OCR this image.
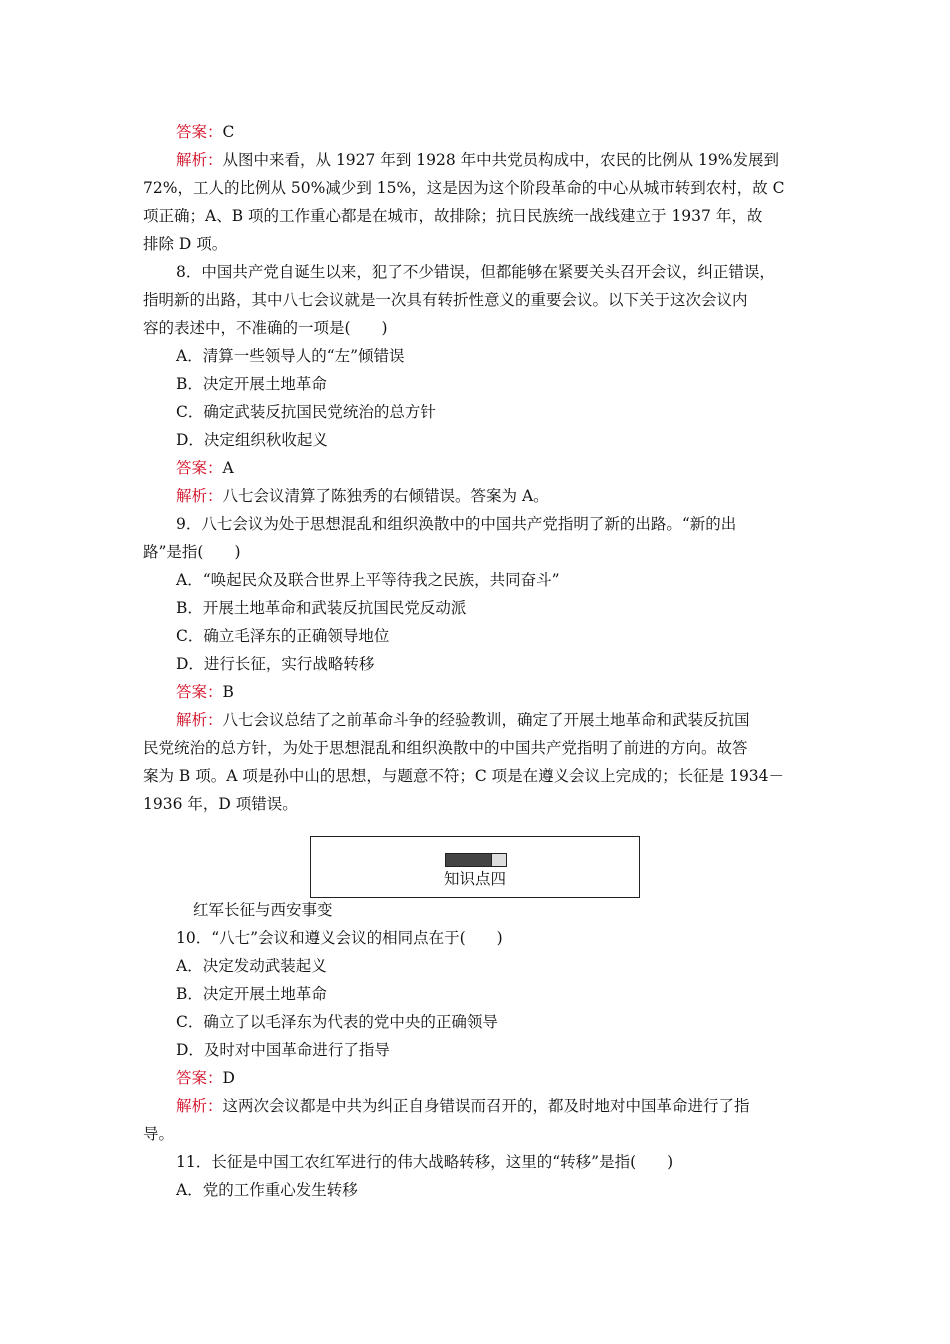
答案：C
解析：从图中来看，从 1927 年到 1928 年中共党员构成中，农民的比例从 19%发展到
72%，工人的比例从 50%减少到 15%，这是因为这个阶段革命的中心从城市转到农村，故 C
项正确；A、B 项的工作重心都是在城市，故排除；抗日民族统一战线建立于 1937 年，故
排除 D 项。
8．中国共产党自诞生以来，犯了不少错误，但都能够在紧要关头召开会议，纠正错误，
指明新的出路，其中八七会议就是一次具有转折性意义的重要会议。以下关于这次会议内
容的表述中，不准确的一项是(　　)
A．清算一些领导人的“左”倾错误
B．决定开展土地革命
C．确定武装反抗国民党统治的总方针
D．决定组织秋收起义
答案：A
解析：八七会议清算了陈独秀的右倾错误。答案为 A。
9．八七会议为处于思想混乱和组织涣散中的中国共产党指明了新的出路。“新的出
路”是指(　　)
A．“唤起民众及联合世界上平等待我之民族，共同奋斗”
B．开展土地革命和武装反抗国民党反动派
C．确立毛泽东的正确领导地位
D．进行长征，实行战略转移
答案：B
解析：八七会议总结了之前革命斗争的经验教训，确定了开展土地革命和武装反抗国
民党统治的总方针，为处于思想混乱和组织涣散中的中国共产党指明了前进的方向。故答
案为 B 项。A 项是孙中山的思想，与题意不符；C 项是在遵义会议上完成的；长征是 1934－
1936 年，D 项错误。
知识点四
红军长征与西安事变
10．“八七”会议和遵义会议的相同点在于(　　)
A．决定发动武装起义
B．决定开展土地革命
C．确立了以毛泽东为代表的党中央的正确领导
D．及时对中国革命进行了指导
答案：D
解析：这两次会议都是中共为纠正自身错误而召开的，都及时地对中国革命进行了指
导。
11．长征是中国工农红军进行的伟大战略转移，这里的“转移”是指(　　)
A．党的工作重心发生转移
